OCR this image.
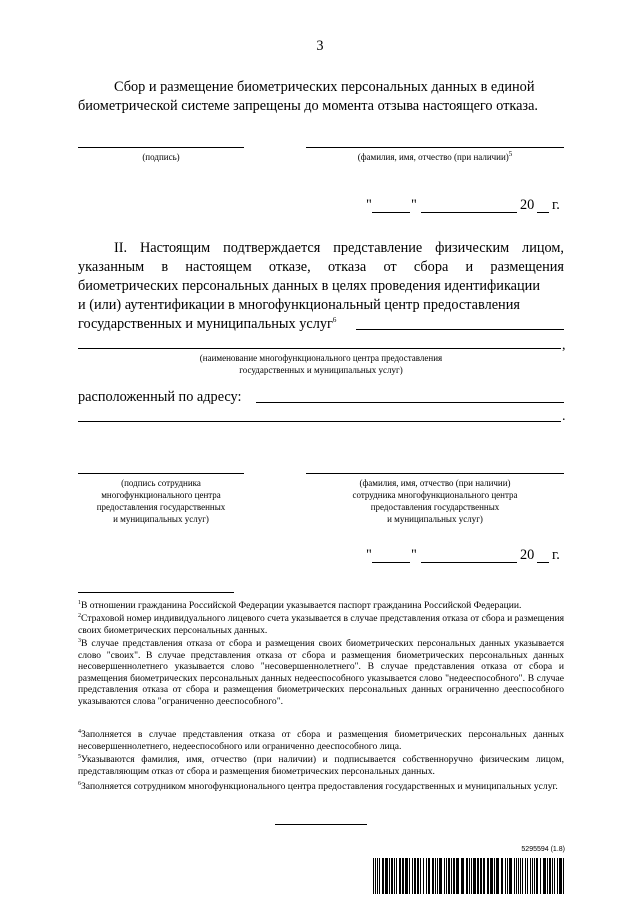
3
Сбор и размещение биометрических персональных данных в единой
биометрической системе запрещены до момента отзыва настоящего отказа.
(подпись)	(фамилия, имя, отчество (при наличии)$^5$
"	"	20 г.
II. Настоящим подтверждается представление физическим лицом,
указанным в настоящем отказе, отказа от сбора и размещения
биометрических персональных данных в целях проведения идентификации
и (или) аутентификации в многофункциональный центр предоставления
государственных и муниципальных услуг$^6$
,
(наименование многофункционального центра предоставления
государственных и муниципальных услуг)
расположенный по адресу:
.
(подпись сотрудника
многофункционального центра
предоставления государственных
и муниципальных услуг)
(фамилия, имя, отчество (при наличии)
сотрудника многофункционального центра
предоставления государственных
и муниципальных услуг)
"	"	20 г.
$^1$В отношении гражданина Российской Федерации указывается паспорт гражданина Российской Федерации.
$^2$Страховой номер индивидуального лицевого счета указывается в случае представления отказа от сбора и размещения своих биометрических персональных данных.
$^3$В случае представления отказа от сбора и размещения своих биометрических персональных данных указывается слово "своих". В случае представления отказа от сбора и размещения биометрических персональных данных несовершеннолетнего указывается слово "несовершеннолетнего". В случае представления отказа от сбора и размещения биометрических персональных данных недееспособного указывается слово "недееспособного". В случае представления отказа от сбора и размещения биометрических персональных данных ограниченно дееспособного указываются слова "ограниченно дееспособного".
$^4$Заполняется в случае представления отказа от сбора и размещения биометрических персональных данных несовершеннолетнего, недееспособного или ограниченно дееспособного лица.
$^5$Указываются фамилия, имя, отчество (при наличии) и подписывается собственноручно физическим лицом, представляющим отказ от сбора и размещения биометрических персональных данных.
$^6$Заполняется сотрудником многофункционального центра предоставления государственных и муниципальных услуг.
5295594 (1.8)
